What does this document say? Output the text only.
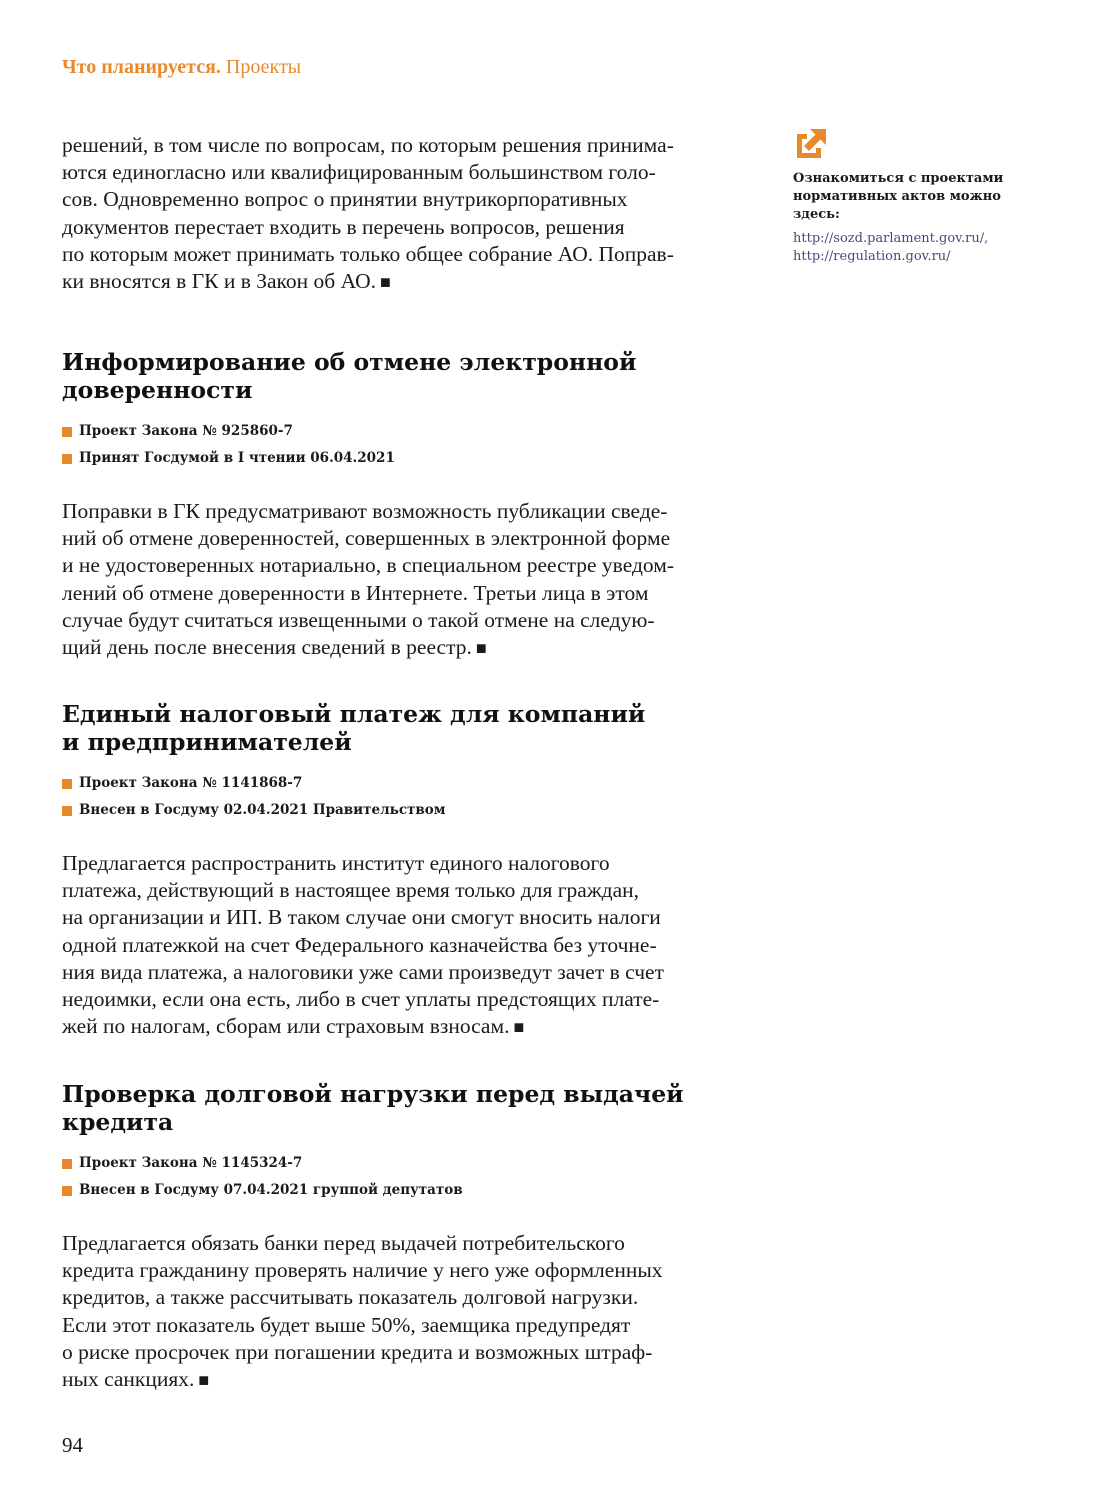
Что планируется. Проекты

решений, в том числе по вопросам, по которым решения принима-
ются единогласно или квалифицированным большинством голо-
сов. Одновременно вопрос о принятии внутрикорпоративных
документов перестает входить в перечень вопросов, решения
по которым может принимать только общее собрание АО. Поправ-
ки вносятся в ГК и в Закон об АО. ■

Информирование об отмене электронной
доверенности
Проект Закона № 925860-7
Принят Госдумой в I чтении 06.04.2021

Поправки в ГК предусматривают возможность публикации сведе-
ний об отмене доверенностей, совершенных в электронной форме
и не удостоверенных нотариально, в специальном реестре уведом-
лений об отмене доверенности в Интернете. Третьи лица в этом
случае будут считаться извещенными о такой отмене на следую-
щий день после внесения сведений в реестр. ■

Единый налоговый платеж для компаний
и предпринимателей
Проект Закона № 1141868-7
Внесен в Госдуму 02.04.2021 Правительством

Предлагается распространить институт единого налогового
платежа, действующий в настоящее время только для граждан,
на организации и ИП. В таком случае они смогут вносить налоги
одной платежкой на счет Федерального казначейства без уточне-
ния вида платежа, а налоговики уже сами произведут зачет в счет
недоимки, если она есть, либо в счет уплаты предстоящих плате-
жей по налогам, сборам или страховым взносам. ■

Проверка долговой нагрузки перед выдачей
кредита
Проект Закона № 1145324-7
Внесен в Госдуму 07.04.2021 группой депутатов

Предлагается обязать банки перед выдачей потребительского
кредита гражданину проверять наличие у него уже оформленных
кредитов, а также рассчитывать показатель долговой нагрузки.
Если этот показатель будет выше 50%, заемщика предупредят
о риске просрочек при погашении кредита и возможных штраф-
ных санкциях. ■

Ознакомиться с проектами
нормативных актов можно
здесь:
http://sozd.parlament.gov.ru/,
http://regulation.gov.ru/
94
